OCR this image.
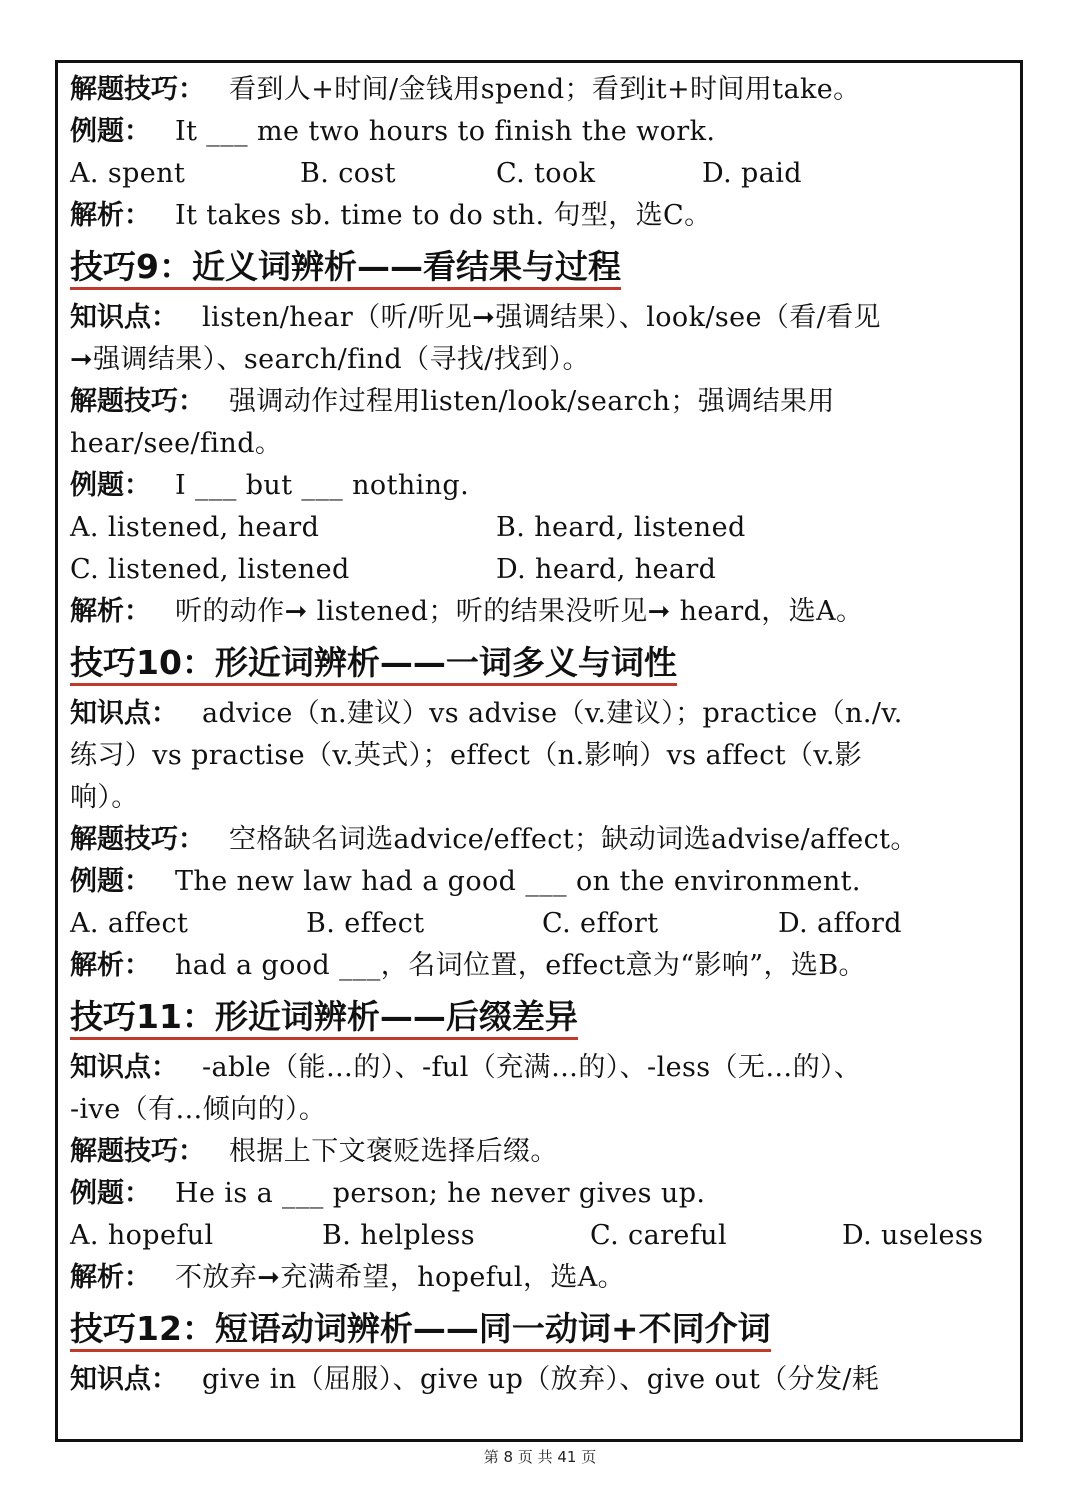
解题技巧： 看到人+时间/金钱用spend；看到it+时间用take。
例题： It ___ me two hours to finish the work.
A. spent	B. cost	C. took	D. paid
解析： It takes sb. time to do sth. 句型，选C。
技巧9：近义词辨析——看结果与过程
知识点： listen/hear（听/听见➞强调结果）、look/see（看/看见
➞强调结果）、search/find（寻找/找到）。
解题技巧： 强调动作过程用listen/look/search；强调结果用
hear/see/find。
例题： I ___ but ___ nothing.
A. listened, heard	B. heard, listened
C. listened, listened	D. heard, heard
解析： 听的动作➞ listened；听的结果没听见➞ heard，选A。
技巧10：形近词辨析——一词多义与词性
知识点： advice（n.建议）vs advise（v.建议）；practice（n./v.
练习）vs practise（v.英式）；effect（n.影响）vs affect（v.影
响）。
解题技巧： 空格缺名词选advice/effect；缺动词选advise/affect。
例题： The new law had a good ___ on the environment.
A. affect	B. effect	C. effort	D. afford
解析： had a good ___，名词位置，effect意为“影响”，选B。
技巧11：形近词辨析——后缀差异
知识点： -able（能…的）、-ful（充满…的）、-less（无…的）、
-ive（有…倾向的）。
解题技巧： 根据上下文褒贬选择后缀。
例题： He is a ___ person; he never gives up.
A. hopeful	B. helpless	C. careful	D. useless
解析： 不放弃➞充满希望，hopeful，选A。
技巧12：短语动词辨析——同一动词+不同介词
知识点： give in（屈服）、give up（放弃）、give out（分发/耗
第 8 页 共 41 页
